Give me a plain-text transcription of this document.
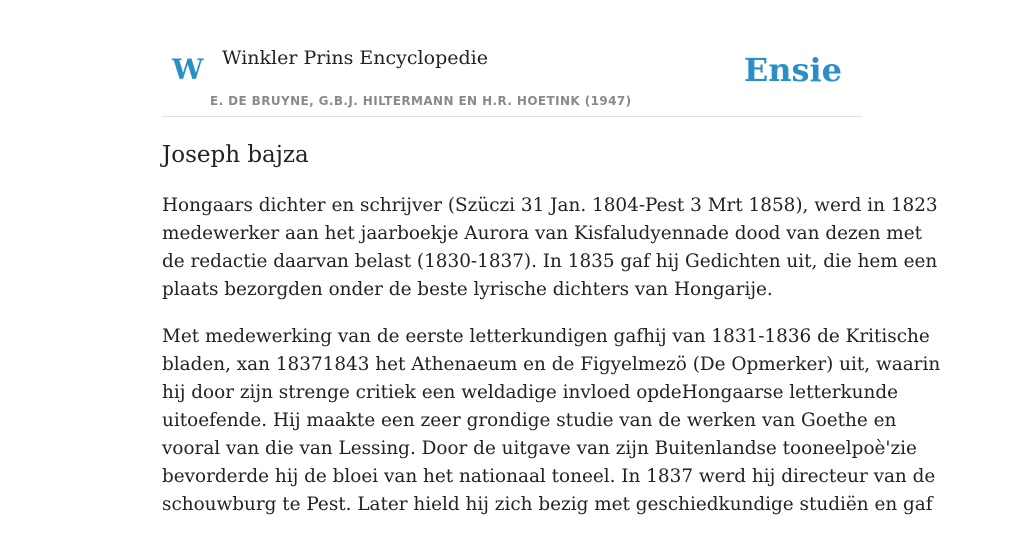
W Winkler Prins Encyclopedie
E. DE BRUYNE, G.B.J. HILTERMANN EN H.R. HOETINK (1947)
Ensie
Joseph bajza

Hongaars dichter en schrijver (Szüczi 31 Jan. 1804-Pest 3 Mrt 1858), werd in 1823
medewerker aan het jaarboekje Aurora van Kisfaludyennade dood van dezen met
de redactie daarvan belast (1830-1837). In 1835 gaf hij Gedichten uit, die hem een
plaats bezorgden onder de beste lyrische dichters van Hongarije.

Met medewerking van de eerste letterkundigen gafhij van 1831-1836 de Kritische
bladen, xan 18371843 het Athenaeum en de Figyelmezö (De Opmerker) uit, waarin
hij door zijn strenge critiek een weldadige invloed opdeHongaarse letterkunde
uitoefende. Hij maakte een zeer grondige studie van de werken van Goethe en
vooral van die van Lessing. Door de uitgave van zijn Buitenlandse tooneelpoè'zie
bevorderde hij de bloei van het nationaal toneel. In 1837 werd hij directeur van de
schouwburg te Pest. Later hield hij zich bezig met geschiedkundige studiën en gaf
